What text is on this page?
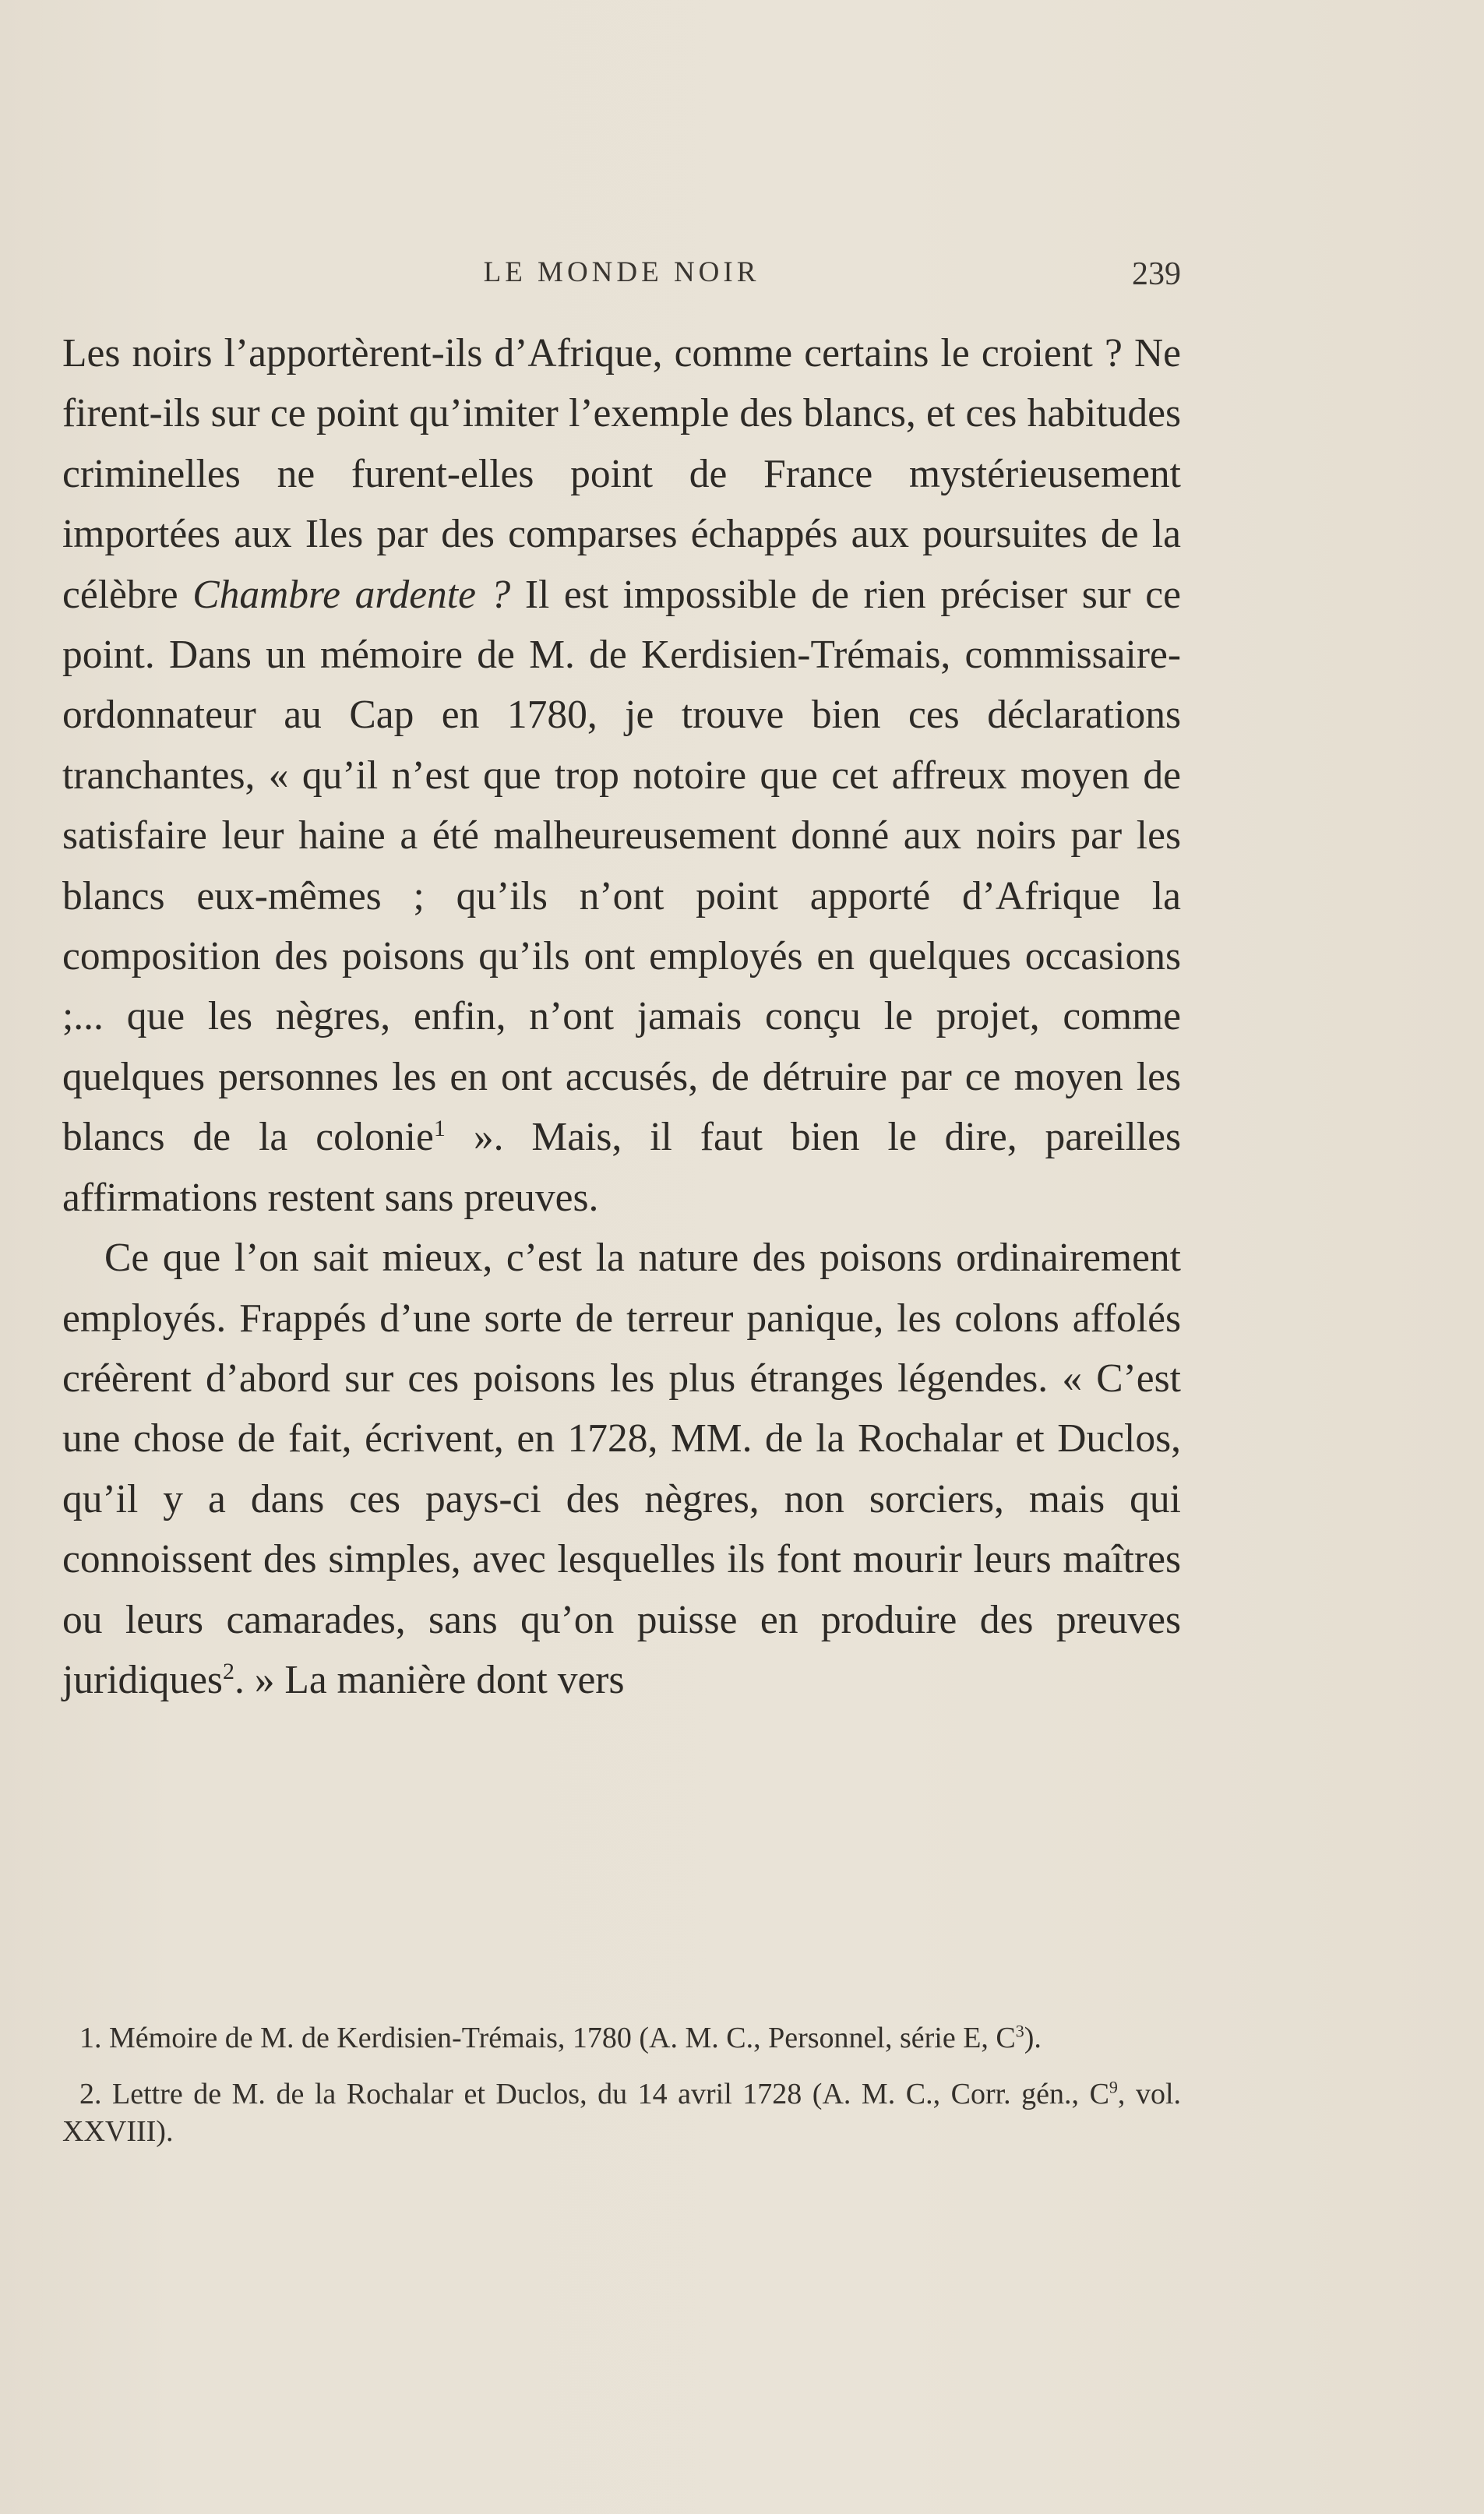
LE MONDE NOIR	239

Les noirs l’apportèrent-ils d’Afrique, comme certains le croient ? Ne firent-ils sur ce point qu’imiter l’exemple des blancs, et ces habitudes criminelles ne furent-elles point de France mystérieusement importées aux Iles par des comparses échappés aux poursuites de la célèbre Chambre ardente ? Il est impossible de rien préciser sur ce point. Dans un mémoire de M. de Kerdisien-Trémais, commissaire-ordonnateur au Cap en 1780, je trouve bien ces déclarations tranchantes, « qu’il n’est que trop notoire que cet affreux moyen de satisfaire leur haine a été malheureusement donné aux noirs par les blancs eux-mêmes ; qu’ils n’ont point apporté d’Afrique la composition des poisons qu’ils ont employés en quelques occasions ;... que les nègres, enfin, n’ont jamais conçu le projet, comme quelques personnes les en ont accusés, de détruire par ce moyen les blancs de la colonie$^1$ ». Mais, il faut bien le dire, pareilles affirmations restent sans preuves.

Ce que l’on sait mieux, c’est la nature des poisons ordinairement employés. Frappés d’une sorte de terreur panique, les colons affolés créèrent d’abord sur ces poisons les plus étranges légendes. « C’est une chose de fait, écrivent, en 1728, MM. de la Rochalar et Duclos, qu’il y a dans ces pays-ci des nègres, non sorciers, mais qui connoissent des simples, avec lesquelles ils font mourir leurs maîtres ou leurs camarades, sans qu’on puisse en produire des preuves juridiques$^2$. » La manière dont vers

1. Mémoire de M. de Kerdisien-Trémais, 1780 (A. M. C., Personnel, série E, C$^3$).

2. Lettre de M. de la Rochalar et Duclos, du 14 avril 1728 (A. M. C., Corr. gén., C$^9$, vol. XXVIII).
